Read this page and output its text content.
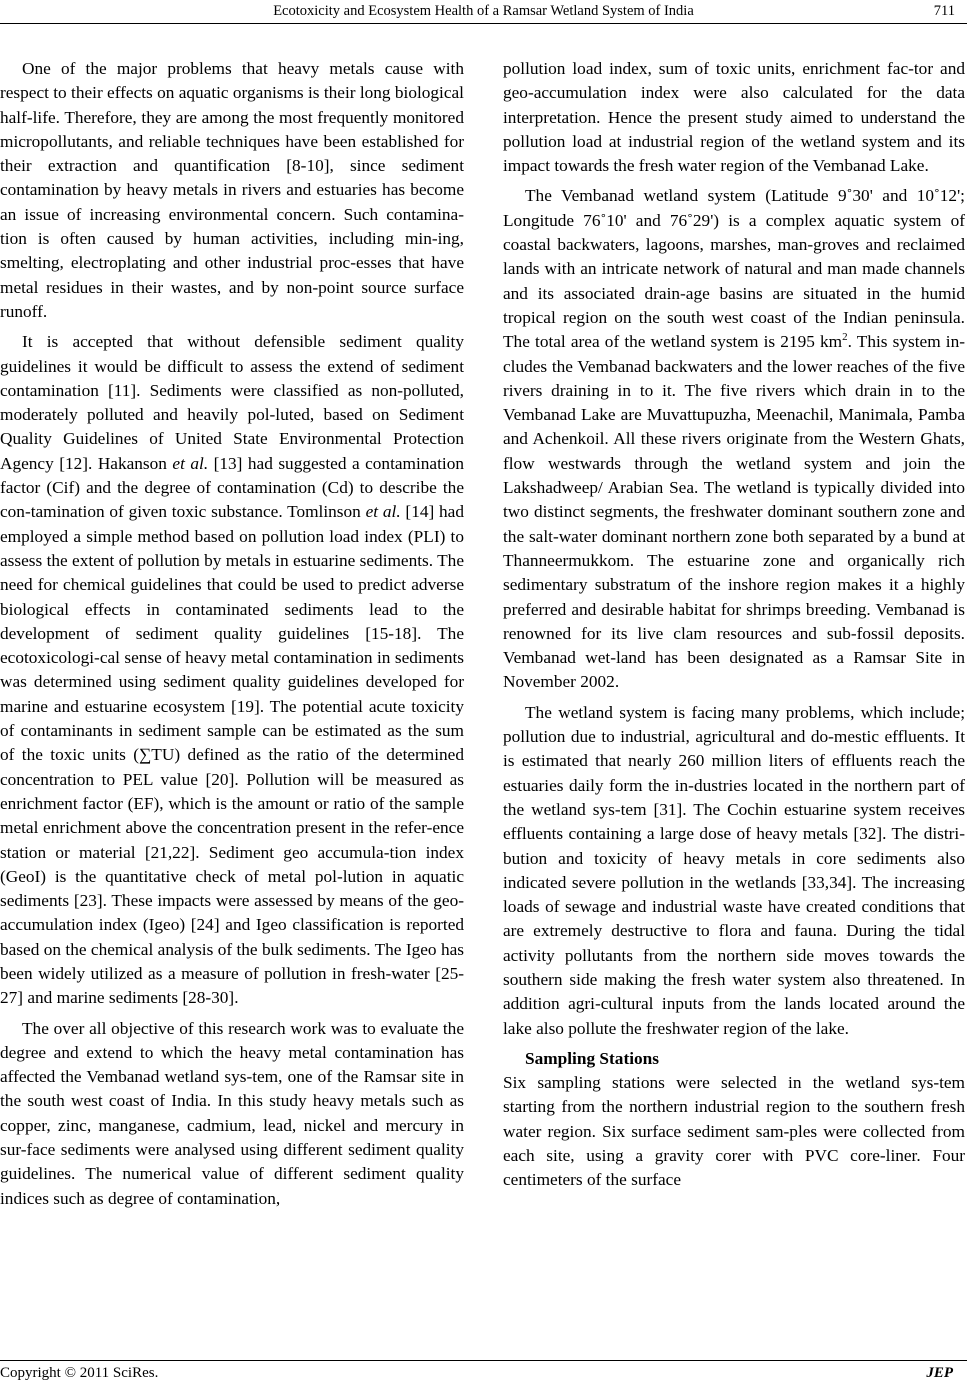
Ecotoxicity and Ecosystem Health of a Ramsar Wetland System of India	711

One of the major problems that heavy metals cause with respect to their effects on aquatic organisms is their long biological half-life. Therefore, they are among the most frequently monitored micropollutants, and reliable techniques have been established for their extraction and quantification [8-10], since sediment contamination by heavy metals in rivers and estuaries has become an issue of increasing environmental concern. Such contamina-tion is often caused by human activities, including min-ing, smelting, electroplating and other industrial proc-esses that have metal residues in their wastes, and by non-point source surface runoff.

It is accepted that without defensible sediment quality guidelines it would be difficult to assess the extend of sediment contamination [11]. Sediments were classified as non-polluted, moderately polluted and heavily pol-luted, based on Sediment Quality Guidelines of United State Environmental Protection Agency [12]. Hakanson et al. [13] had suggested a contamination factor (Cif) and the degree of contamination (Cd) to describe the con-tamination of given toxic substance. Tomlinson et al. [14] had employed a simple method based on pollution load index (PLI) to assess the extent of pollution by metals in estuarine sediments. The need for chemical guidelines that could be used to predict adverse biological effects in contaminated sediments lead to the development of sediment quality guidelines [15-18]. The ecotoxicologi-cal sense of heavy metal contamination in sediments was determined using sediment quality guidelines developed for marine and estuarine ecosystem [19]. The potential acute toxicity of contaminants in sediment sample can be estimated as the sum of the toxic units (∑TU) defined as the ratio of the determined concentration to PEL value [20]. Pollution will be measured as enrichment factor (EF), which is the amount or ratio of the sample metal enrichment above the concentration present in the refer-ence station or material [21,22]. Sediment geo accumula-tion index (GeoI) is the quantitative check of metal pol-lution in aquatic sediments [23]. These impacts were assessed by means of the geo-accumulation index (Igeo) [24] and Igeo classification is reported based on the chemical analysis of the bulk sediments. The Igeo has been widely utilized as a measure of pollution in fresh-water [25-27] and marine sediments [28-30].

The over all objective of this research work was to evaluate the degree and extend to which the heavy metal contamination has affected the Vembanad wetland sys-tem, one of the Ramsar site in the south west coast of India. In this study heavy metals such as copper, zinc, manganese, cadmium, lead, nickel and mercury in sur-face sediments were analysed using different sediment quality guidelines. The numerical value of different sediment quality indices such as degree of contamination,

pollution load index, sum of toxic units, enrichment fac-tor and geo-accumulation index were also calculated for the data interpretation. Hence the present study aimed to understand the pollution load at industrial region of the wetland system and its impact towards the fresh water region of the Vembanad Lake.

The Vembanad wetland system (Latitude 9˚30' and 10˚12'; Longitude 76˚10' and 76˚29') is a complex aquatic system of coastal backwaters, lagoons, marshes, man-groves and reclaimed lands with an intricate network of natural and man made channels and its associated drain-age basins are situated in the humid tropical region on the south west coast of the Indian peninsula. The total area of the wetland system is 2195 $km^2$. This system in-cludes the Vembanad backwaters and the lower reaches of the five rivers draining in to it. The five rivers which drain in to the Vembanad Lake are Muvattupuzha, Meenachil, Manimala, Pamba and Achenkoil. All these rivers originate from the Western Ghats, flow westwards through the wetland system and join the Lakshadweep/ Arabian Sea. The wetland is typically divided into two distinct segments, the freshwater dominant southern zone and the salt-water dominant northern zone both separated by a bund at Thanneermukkom. The estuarine zone and organically rich sedimentary substratum of the inshore region makes it a highly preferred and desirable habitat for shrimps breeding. Vembanad is renowned for its live clam resources and sub-fossil deposits. Vembanad wet-land has been designated as a Ramsar Site in November 2002.

The wetland system is facing many problems, which include; pollution due to industrial, agricultural and do-mestic effluents. It is estimated that nearly 260 million liters of effluents reach the estuaries daily form the in-dustries located in the northern part of the wetland sys-tem [31]. The Cochin estuarine system receives effluents containing a large dose of heavy metals [32]. The distri-bution and toxicity of heavy metals in core sediments also indicated severe pollution in the wetlands [33,34]. The increasing loads of sewage and industrial waste have created conditions that are extremely destructive to flora and fauna. During the tidal activity pollutants from the northern side moves towards the southern side making the fresh water system also threatened. In addition agri-cultural inputs from the lands located around the lake also pollute the freshwater region of the lake.

Sampling Stations

Six sampling stations were selected in the wetland sys-tem starting from the northern industrial region to the southern fresh water region. Six surface sediment sam-ples were collected from each site, using a gravity corer with PVC core-liner. Four centimeters of the surface

Copyright © 2011 SciRes.	JEP
